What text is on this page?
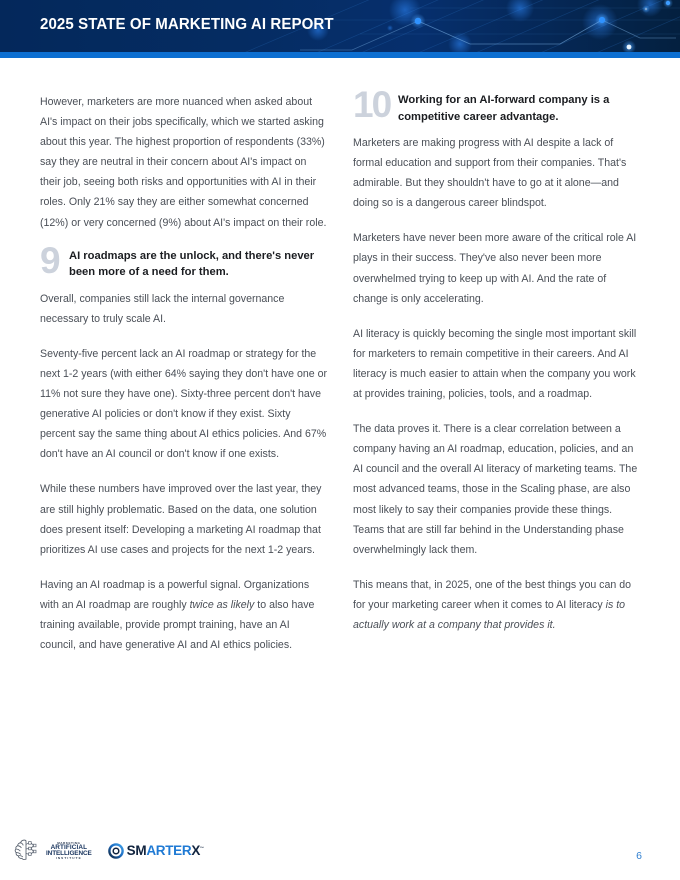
2025 STATE OF MARKETING AI REPORT

However, marketers are more nuanced when asked about AI's impact on their jobs specifically, which we started asking about this year. The highest proportion of respondents (33%) say they are neutral in their concern about AI's impact on their job, seeing both risks and opportunities with AI in their roles. Only 21% say they are either somewhat concerned (12%) or very concerned (9%) about AI's impact on their role.

9 AI roadmaps are the unlock, and there's never been more of a need for them.

Overall, companies still lack the internal governance necessary to truly scale AI.

Seventy-five percent lack an AI roadmap or strategy for the next 1-2 years (with either 64% saying they don't have one or 11% not sure they have one). Sixty-three percent don't have generative AI policies or don't know if they exist. Sixty percent say the same thing about AI ethics policies. And 67% don't have an AI council or don't know if one exists.

While these numbers have improved over the last year, they are still highly problematic. Based on the data, one solution does present itself: Developing a marketing AI roadmap that prioritizes AI use cases and projects for the next 1-2 years.

Having an AI roadmap is a powerful signal. Organizations with an AI roadmap are roughly twice as likely to also have training available, provide prompt training, have an AI council, and have generative AI and AI ethics policies.

10 Working for an AI-forward company is a competitive career advantage.

Marketers are making progress with AI despite a lack of formal education and support from their companies. That's admirable. But they shouldn't have to go at it alone—and doing so is a dangerous career blindspot.

Marketers have never been more aware of the critical role AI plays in their success. They've also never been more overwhelmed trying to keep up with AI. And the rate of change is only accelerating.

AI literacy is quickly becoming the single most important skill for marketers to remain competitive in their careers. And AI literacy is much easier to attain when the company you work at provides training, policies, tools, and a roadmap.

The data proves it. There is a clear correlation between a company having an AI roadmap, education, policies, and an AI council and the overall AI literacy of marketing teams. The most advanced teams, those in the Scaling phase, are also most likely to say their companies provide these things. Teams that are still far behind in the Understanding phase overwhelmingly lack them.

This means that, in 2025, one of the best things you can do for your marketing career when it comes to AI literacy is to actually work at a company that provides it.

MARKETING
ARTIFICIAL
INTELLIGENCE
INSTITUTE
SMARTERX™
6
